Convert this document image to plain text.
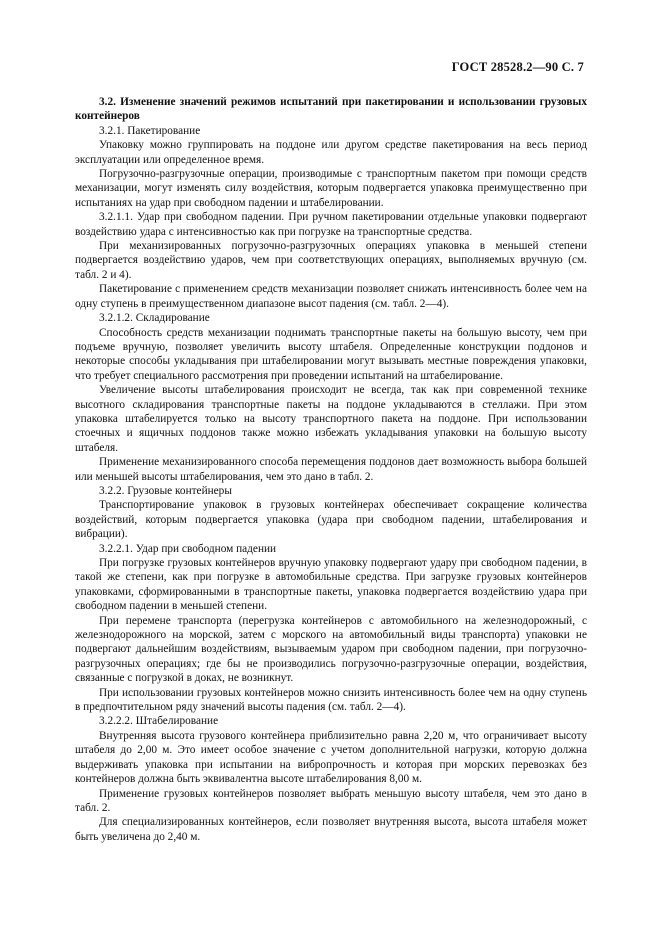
ГОСТ 28528.2—90 С. 7

3.2. Изменение значений режимов испытаний при пакетировании и использовании грузовых контейнеров

3.2.1. Пакетирование

Упаковку можно группировать на поддоне или другом средстве пакетирования на весь период эксплуатации или определенное время.

Погрузочно-разгрузочные операции, производимые с транспортным пакетом при помощи средств механизации, могут изменять силу воздействия, которым подвергается упаковка преимущественно при испытаниях на удар при свободном падении и штабелировании.

3.2.1.1. Удар при свободном падении. При ручном пакетировании отдельные упаковки подвергают воздействию удара с интенсивностью как при погрузке на транспортные средства.

При механизированных погрузочно-разгрузочных операциях упаковка в меньшей степени подвергается воздействию ударов, чем при соответствующих операциях, выполняемых вручную (см. табл. 2 и 4).

Пакетирование с применением средств механизации позволяет снижать интенсивность более чем на одну ступень в преимущественном диапазоне высот падения (см. табл. 2—4).

3.2.1.2. Складирование

Способность средств механизации поднимать транспортные пакеты на большую высоту, чем при подъеме вручную, позволяет увеличить высоту штабеля. Определенные конструкции поддонов и некоторые способы укладывания при штабелировании могут вызывать местные повреждения упаковки, что требует специального рассмотрения при проведении испытаний на штабелирование.

Увеличение высоты штабелирования происходит не всегда, так как при современной технике высотного складирования транспортные пакеты на поддоне укладываются в стеллажи. При этом упаковка штабелируется только на высоту транспортного пакета на поддоне. При использовании стоечных и ящичных поддонов также можно избежать укладывания упаковки на большую высоту штабеля.

Применение механизированного способа перемещения поддонов дает возможность выбора большей или меньшей высоты штабелирования, чем это дано в табл. 2.

3.2.2. Грузовые контейнеры

Транспортирование упаковок в грузовых контейнерах обеспечивает сокращение количества воздействий, которым подвергается упаковка (удара при свободном падении, штабелирования и вибрации).

3.2.2.1. Удар при свободном падении

При погрузке грузовых контейнеров вручную упаковку подвергают удару при свободном падении, в такой же степени, как при погрузке в автомобильные средства. При загрузке грузовых контейнеров упаковками, сформированными в транспортные пакеты, упаковка подвергается воздействию удара при свободном падении в меньшей степени.

При перемене транспорта (перегрузка контейнеров с автомобильного на железнодорожный, с железнодорожного на морской, затем с морского на автомобильный виды транспорта) упаковки не подвергают дальнейшим воздействиям, вызываемым ударом при свободном падении, при погрузочно-разгрузочных операциях; где бы не производились погрузочно-разгрузочные операции, воздействия, связанные с погрузкой в доках, не возникнут.

При использовании грузовых контейнеров можно снизить интенсивность более чем на одну ступень в предпочтительном ряду значений высоты падения (см. табл. 2—4).

3.2.2.2. Штабелирование

Внутренняя высота грузового контейнера приблизительно равна 2,20 м, что ограничивает высоту штабеля до 2,00 м. Это имеет особое значение с учетом дополнительной нагрузки, которую должна выдерживать упаковка при испытании на вибропрочность и которая при морских перевозках без контейнеров должна быть эквивалентна высоте штабелирования 8,00 м.

Применение грузовых контейнеров позволяет выбрать меньшую высоту штабеля, чем это дано в табл. 2.

Для специализированных контейнеров, если позволяет внутренняя высота, высота штабеля может быть увеличена до 2,40 м.
